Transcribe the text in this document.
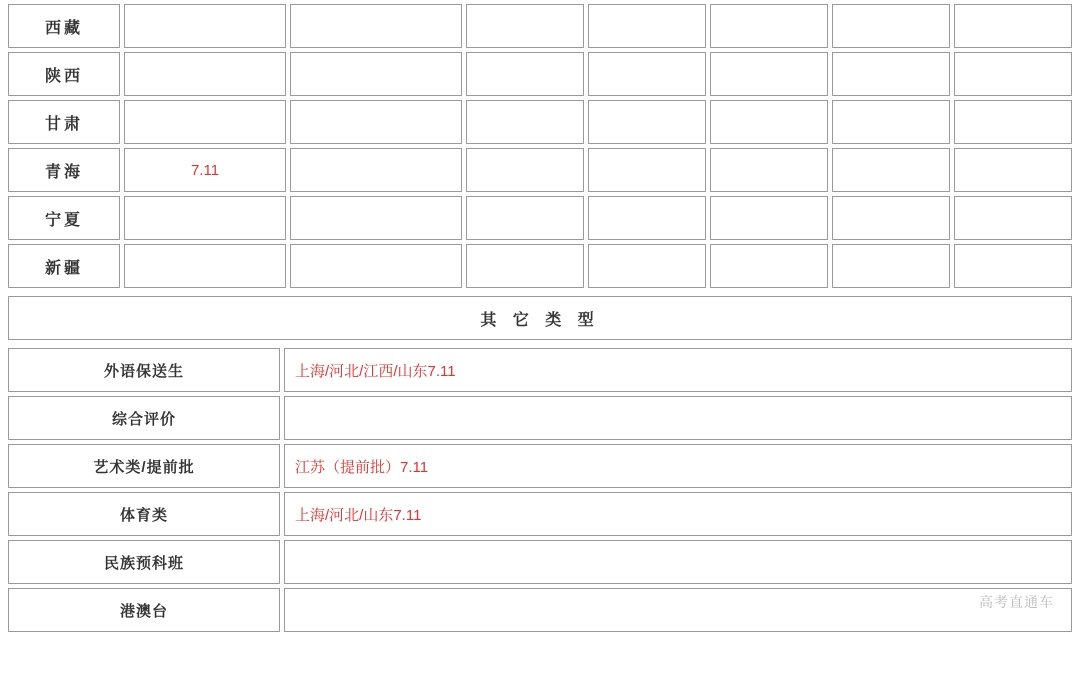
西藏							
陕西							
甘肃							
青海	7.11						
宁夏							
新疆							
其 它 类 型
外语保送生	上海/河北/江西/山东7.11
综合评价	
艺术类/提前批	江苏（提前批）7.11
体育类	上海/河北/山东7.11
民族预科班	
港澳台	
高考直通车
